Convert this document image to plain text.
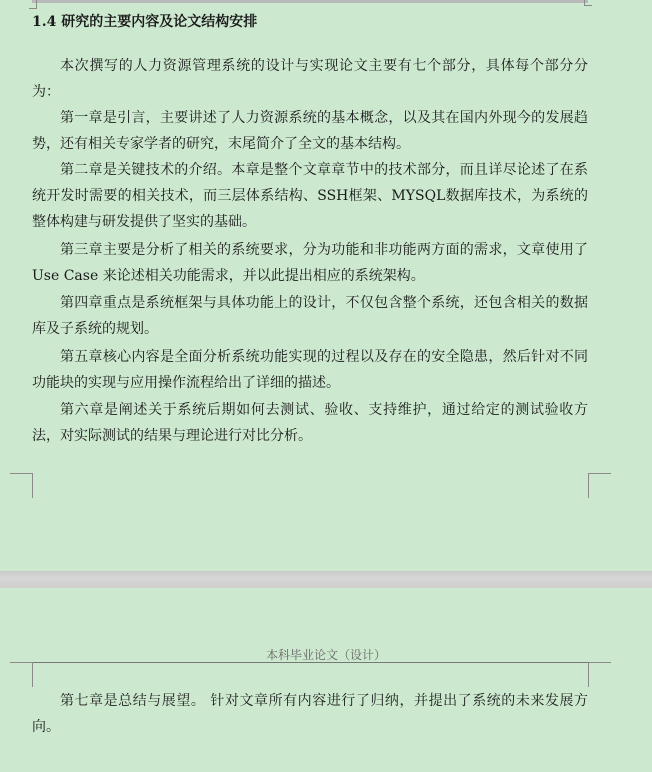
1.4 研究的主要内容及论文结构安排

本次撰写的人力资源管理系统的设计与实现论文主要有七个部分，具体每个部分分为：

第一章是引言，主要讲述了人力资源系统的基本概念，以及其在国内外现今的发展趋势，还有相关专家学者的研究，末尾简介了全文的基本结构。

第二章是关键技术的介绍。本章是整个文章章节中的技术部分，而且详尽论述了在系统开发时需要的相关技术，而三层体系结构、SSH框架、MYSQL数据库技术，为系统的整体构建与研发提供了坚实的基础。

第三章主要是分析了相关的系统要求，分为功能和非功能两方面的需求，文章使用了 Use Case 来论述相关功能需求，并以此提出相应的系统架构。

第四章重点是系统框架与具体功能上的设计，不仅包含整个系统，还包含相关的数据库及子系统的规划。

第五章核心内容是全面分析系统功能实现的过程以及存在的安全隐患，然后针对不同功能块的实现与应用操作流程给出了详细的描述。

第六章是阐述关于系统后期如何去测试、验收、支持维护，通过给定的测试验收方法，对实际测试的结果与理论进行对比分析。

本科毕业论文（设计）

第七章是总结与展望。 针对文章所有内容进行了归纳，并提出了系统的未来发展方向。
